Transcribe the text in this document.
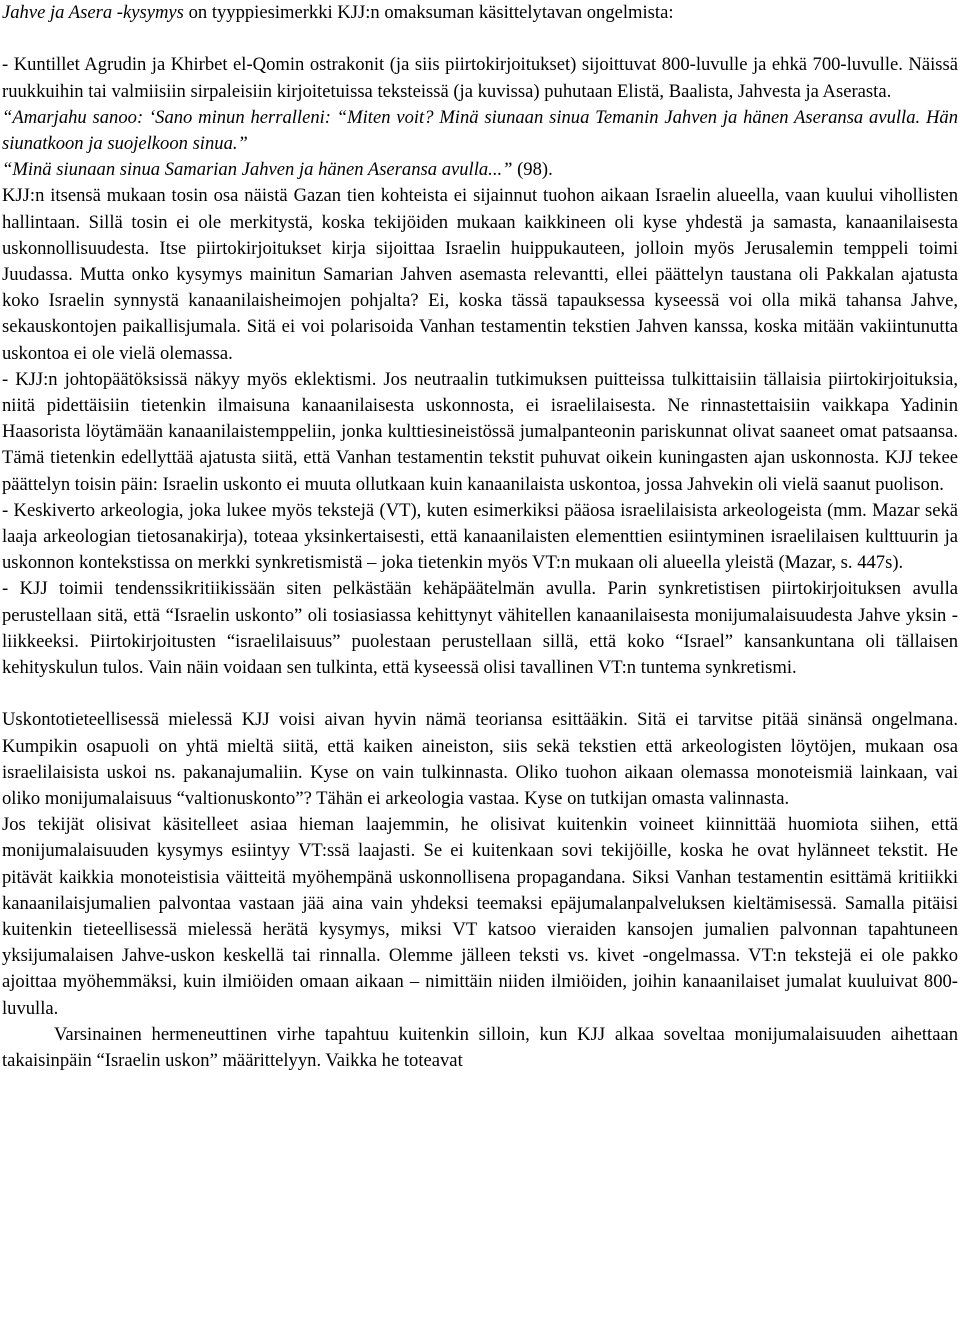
Jahve ja Asera -kysymys on tyyppiesimerkki KJJ:n omaksuman käsittelytavan ongelmista:

- Kuntillet Agrudin ja Khirbet el-Qomin ostrakonit (ja siis piirtokirjoitukset) sijoittuvat 800-luvulle ja ehkä 700-luvulle. Näissä ruukkuihin tai valmiisiin sirpaleisiin kirjoitetuissa teksteissä (ja kuvissa) puhutaan Elistä, Baalista, Jahvesta ja Aserasta.

“Amarjahu sanoo: ‘Sano minun herralleni: “Miten voit? Minä siunaan sinua Temanin Jahven ja hänen Aseransa avulla. Hän siunatkoon ja suojelkoon sinua.”

“Minä siunaan sinua Samarian Jahven ja hänen Aseransa avulla...” (98).

KJJ:n itsensä mukaan tosin osa näistä Gazan tien kohteista ei sijainnut tuohon aikaan Israelin alueella, vaan kuului vihollisten hallintaan. Sillä tosin ei ole merkitystä, koska tekijöiden mukaan kaikkineen oli kyse yhdestä ja samasta, kanaanilaisesta uskonnollisuudesta. Itse piirtokirjoitukset kirja sijoittaa Israelin huippukauteen, jolloin myös Jerusalemin temppeli toimi Juudassa. Mutta onko kysymys mainitun Samarian Jahven asemasta relevantti, ellei päättelyn taustana oli Pakkalan ajatusta koko Israelin synnystä kanaanilaisheimojen pohjalta? Ei, koska tässä tapauksessa kyseessä voi olla mikä tahansa Jahve, sekauskontojen paikallisjumala. Sitä ei voi polarisoida Vanhan testamentin tekstien Jahven kanssa, koska mitään vakiintunutta uskontoa ei ole vielä olemassa.

- KJJ:n johtopäätöksissä näkyy myös eklektismi. Jos neutraalin tutkimuksen puitteissa tulkittaisiin tällaisia piirtokirjoituksia, niitä pidettäisiin tietenkin ilmaisuna kanaanilaisesta uskonnosta, ei israelilaisesta. Ne rinnastettaisiin vaikkapa Yadinin Haasorista löytämään kanaanilaistemppeliin, jonka kulttiesineistössä jumalpanteonin pariskunnat olivat saaneet omat patsaansa. Tämä tietenkin edellyttää ajatusta siitä, että Vanhan testamentin tekstit puhuvat oikein kuningasten ajan uskonnosta. KJJ tekee päättelyn toisin päin: Israelin uskonto ei muuta ollutkaan kuin kanaanilaista uskontoa, jossa Jahvekin oli vielä saanut puolison.

- Keskiverto arkeologia, joka lukee myös tekstejä (VT), kuten esimerkiksi pääosa israelilaisista arkeologeista (mm. Mazar sekä laaja arkeologian tietosanakirja), toteaa yksinkertaisesti, että kanaanilaisten elementtien esiintyminen israelilaisen kulttuurin ja uskonnon kontekstissa on merkki synkretismistä – joka tietenkin myös VT:n mukaan oli alueella yleistä (Mazar, s. 447s).

- KJJ toimii tendenssikritiikissään siten pelkästään kehäpäätelmän avulla. Parin synkretistisen piirtokirjoituksen avulla perustellaan sitä, että “Israelin uskonto” oli tosiasiassa kehittynyt vähitellen kanaanilaisesta monijumalaisuudesta Jahve yksin -liikkeeksi. Piirtokirjoitusten “israelilaisuus” puolestaan perustellaan sillä, että koko “Israel” kansankuntana oli tällaisen kehityskulun tulos. Vain näin voidaan sen tulkinta, että kyseessä olisi tavallinen VT:n tuntema synkretismi.

Uskontotieteellisessä mielessä KJJ voisi aivan hyvin nämä teoriansa esittääkin. Sitä ei tarvitse pitää sinänsä ongelmana. Kumpikin osapuoli on yhtä mieltä siitä, että kaiken aineiston, siis sekä tekstien että arkeologisten löytöjen, mukaan osa israelilaisista uskoi ns. pakanajumaliin. Kyse on vain tulkinnasta. Oliko tuohon aikaan olemassa monoteismiä lainkaan, vai oliko monijumalaisuus “valtionuskonto”? Tähän ei arkeologia vastaa. Kyse on tutkijan omasta valinnasta.

Jos tekijät olisivat käsitelleet asiaa hieman laajemmin, he olisivat kuitenkin voineet kiinnittää huomiota siihen, että monijumalaisuuden kysymys esiintyy VT:ssä laajasti. Se ei kuitenkaan sovi tekijöille, koska he ovat hylänneet tekstit. He pitävät kaikkia monoteistisia väitteitä myöhempänä uskonnollisena propagandana. Siksi Vanhan testamentin esittämä kritiikki kanaanilaisjumalien palvontaa vastaan jää aina vain yhdeksi teemaksi epäjumalanpalveluksen kieltämisessä. Samalla pitäisi kuitenkin tieteellisessä mielessä herätä kysymys, miksi VT katsoo vieraiden kansojen jumalien palvonnan tapahtuneen yksijumalaisen Jahve-uskon keskellä tai rinnalla. Olemme jälleen teksti vs. kivet -ongelmassa. VT:n tekstejä ei ole pakko ajoittaa myöhemmäksi, kuin ilmiöiden omaan aikaan – nimittäin niiden ilmiöiden, joihin kanaanilaiset jumalat kuuluivat 800-luvulla.

Varsinainen hermeneuttinen virhe tapahtuu kuitenkin silloin, kun KJJ alkaa soveltaa monijumalaisuuden aihettaan takaisinpäin “Israelin uskon” määrittelyyn. Vaikka he toteavat
